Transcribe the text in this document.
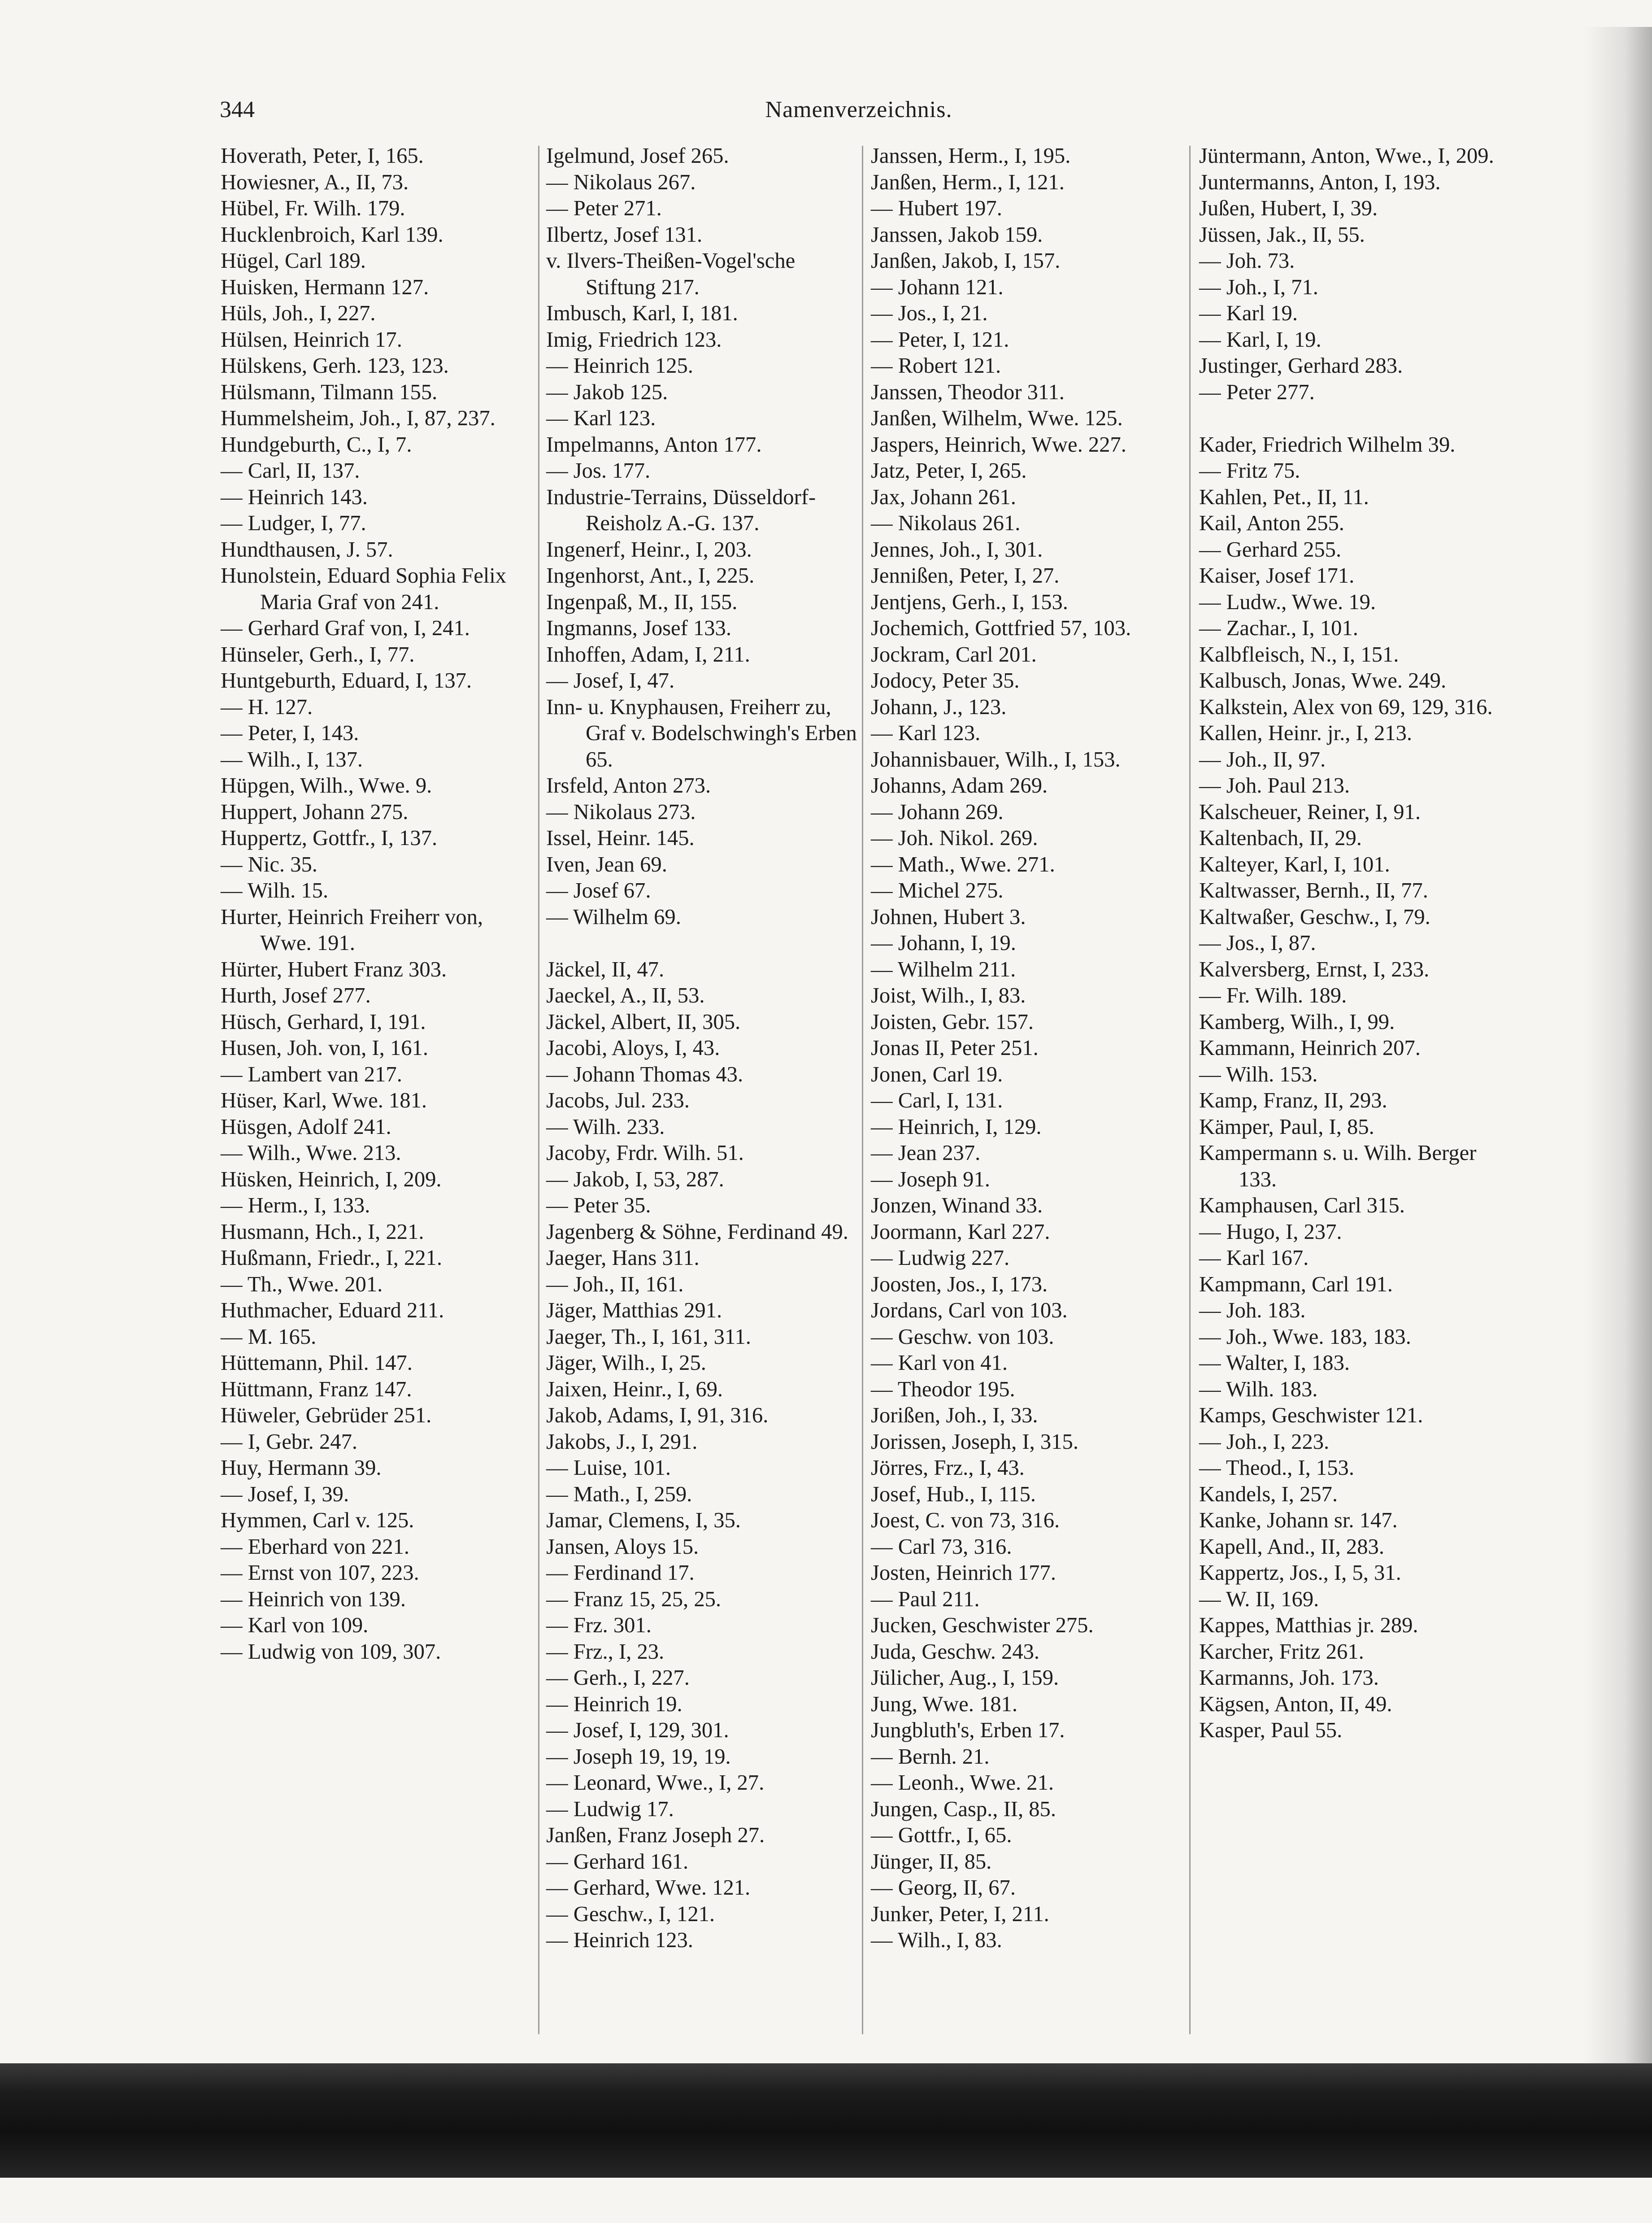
344	Namenverzeichnis.
Hoverath, Peter, I, 165.
Howiesner, A., II, 73.
Hübel, Fr. Wilh. 179.
Hucklenbroich, Karl 139.
Hügel, Carl 189.
Huisken, Hermann 127.
Hüls, Joh., I, 227.
Hülsen, Heinrich 17.
Hülskens, Gerh. 123, 123.
Hülsmann, Tilmann 155.
Hummelsheim, Joh., I, 87, 237.
Hundgeburth, C., I, 7.
— Carl, II, 137.
— Heinrich 143.
— Ludger, I, 77.
Hundthausen, J. 57.
Hunolstein, Eduard Sophia Felix Maria Graf von 241.
— Gerhard Graf von, I, 241.
Hünseler, Gerh., I, 77.
Huntgeburth, Eduard, I, 137.
— H. 127.
— Peter, I, 143.
— Wilh., I, 137.
Hüpgen, Wilh., Wwe. 9.
Huppert, Johann 275.
Huppertz, Gottfr., I, 137.
— Nic. 35.
— Wilh. 15.
Hurter, Heinrich Freiherr von, Wwe. 191.
Hürter, Hubert Franz 303.
Hurth, Josef 277.
Hüsch, Gerhard, I, 191.
Husen, Joh. von, I, 161.
— Lambert van 217.
Hüser, Karl, Wwe. 181.
Hüsgen, Adolf 241.
— Wilh., Wwe. 213.
Hüsken, Heinrich, I, 209.
— Herm., I, 133.
Husmann, Hch., I, 221.
Hußmann, Friedr., I, 221.
— Th., Wwe. 201.
Huthmacher, Eduard 211.
— M. 165.
Hüttemann, Phil. 147.
Hüttmann, Franz 147.
Hüweler, Gebrüder 251.
— I, Gebr. 247.
Huy, Hermann 39.
— Josef, I, 39.
Hymmen, Carl v. 125.
— Eberhard von 221.
— Ernst von 107, 223.
— Heinrich von 139.
— Karl von 109.
— Ludwig von 109, 307.
Igelmund, Josef 265.
— Nikolaus 267.
— Peter 271.
Ilbertz, Josef 131.
v. Ilvers-Theißen-Vogel'sche Stiftung 217.
Imbusch, Karl, I, 181.
Imig, Friedrich 123.
— Heinrich 125.
— Jakob 125.
— Karl 123.
Impelmanns, Anton 177.
— Jos. 177.
Industrie-Terrains, Düsseldorf-Reisholz A.-G. 137.
Ingenerf, Heinr., I, 203.
Ingenhorst, Ant., I, 225.
Ingenpaß, M., II, 155.
Ingmanns, Josef 133.
Inhoffen, Adam, I, 211.
— Josef, I, 47.
Inn- u. Knyphausen, Freiherr zu, Graf v. Bodelschwingh's Erben 65.
Irsfeld, Anton 273.
— Nikolaus 273.
Issel, Heinr. 145.
Iven, Jean 69.
— Josef 67.
— Wilhelm 69.
Jäckel, II, 47.
Jaeckel, A., II, 53.
Jäckel, Albert, II, 305.
Jacobi, Aloys, I, 43.
— Johann Thomas 43.
Jacobs, Jul. 233.
— Wilh. 233.
Jacoby, Frdr. Wilh. 51.
— Jakob, I, 53, 287.
— Peter 35.
Jagenberg & Söhne, Ferdinand 49.
Jaeger, Hans 311.
— Joh., II, 161.
Jäger, Matthias 291.
Jaeger, Th., I, 161, 311.
Jäger, Wilh., I, 25.
Jaixen, Heinr., I, 69.
Jakob, Adams, I, 91, 316.
Jakobs, J., I, 291.
— Luise, 101.
— Math., I, 259.
Jamar, Clemens, I, 35.
Jansen, Aloys 15.
— Ferdinand 17.
— Franz 15, 25, 25.
— Frz. 301.
— Frz., I, 23.
— Gerh., I, 227.
— Heinrich 19.
— Josef, I, 129, 301.
— Joseph 19, 19, 19.
— Leonard, Wwe., I, 27.
— Ludwig 17.
Janßen, Franz Joseph 27.
— Gerhard 161.
— Gerhard, Wwe. 121.
— Geschw., I, 121.
— Heinrich 123.
Janssen, Herm., I, 195.
Janßen, Herm., I, 121.
— Hubert 197.
Janssen, Jakob 159.
Janßen, Jakob, I, 157.
— Johann 121.
— Jos., I, 21.
— Peter, I, 121.
— Robert 121.
Janssen, Theodor 311.
Janßen, Wilhelm, Wwe. 125.
Jaspers, Heinrich, Wwe. 227.
Jatz, Peter, I, 265.
Jax, Johann 261.
— Nikolaus 261.
Jennes, Joh., I, 301.
Jennißen, Peter, I, 27.
Jentjens, Gerh., I, 153.
Jochemich, Gottfried 57, 103.
Jockram, Carl 201.
Jodocy, Peter 35.
Johann, J., 123.
— Karl 123.
Johannisbauer, Wilh., I, 153.
Johanns, Adam 269.
— Johann 269.
— Joh. Nikol. 269.
— Math., Wwe. 271.
— Michel 275.
Johnen, Hubert 3.
— Johann, I, 19.
— Wilhelm 211.
Joist, Wilh., I, 83.
Joisten, Gebr. 157.
Jonas II, Peter 251.
Jonen, Carl 19.
— Carl, I, 131.
— Heinrich, I, 129.
— Jean 237.
— Joseph 91.
Jonzen, Winand 33.
Joormann, Karl 227.
— Ludwig 227.
Joosten, Jos., I, 173.
Jordans, Carl von 103.
— Geschw. von 103.
— Karl von 41.
— Theodor 195.
Jorißen, Joh., I, 33.
Jorissen, Joseph, I, 315.
Jörres, Frz., I, 43.
Josef, Hub., I, 115.
Joest, C. von 73, 316.
— Carl 73, 316.
Josten, Heinrich 177.
— Paul 211.
Jucken, Geschwister 275.
Juda, Geschw. 243.
Jülicher, Aug., I, 159.
Jung, Wwe. 181.
Jungbluth's, Erben 17.
— Bernh. 21.
— Leonh., Wwe. 21.
Jungen, Casp., II, 85.
— Gottfr., I, 65.
Jünger, II, 85.
— Georg, II, 67.
Junker, Peter, I, 211.
— Wilh., I, 83.
Jüntermann, Anton, Wwe., I, 209.
Juntermanns, Anton, I, 193.
Jußen, Hubert, I, 39.
Jüssen, Jak., II, 55.
— Joh. 73.
— Joh., I, 71.
— Karl 19.
— Karl, I, 19.
Justinger, Gerhard 283.
— Peter 277.
Kader, Friedrich Wilhelm 39.
— Fritz 75.
Kahlen, Pet., II, 11.
Kail, Anton 255.
— Gerhard 255.
Kaiser, Josef 171.
— Ludw., Wwe. 19.
— Zachar., I, 101.
Kalbfleisch, N., I, 151.
Kalbusch, Jonas, Wwe. 249.
Kalkstein, Alex von 69, 129, 316.
Kallen, Heinr. jr., I, 213.
— Joh., II, 97.
— Joh. Paul 213.
Kalscheuer, Reiner, I, 91.
Kaltenbach, II, 29.
Kalteyer, Karl, I, 101.
Kaltwasser, Bernh., II, 77.
Kaltwaßer, Geschw., I, 79.
— Jos., I, 87.
Kalversberg, Ernst, I, 233.
— Fr. Wilh. 189.
Kamberg, Wilh., I, 99.
Kammann, Heinrich 207.
— Wilh. 153.
Kamp, Franz, II, 293.
Kämper, Paul, I, 85.
Kampermann s. u. Wilh. Berger 133.
Kamphausen, Carl 315.
— Hugo, I, 237.
— Karl 167.
Kampmann, Carl 191.
— Joh. 183.
— Joh., Wwe. 183, 183.
— Walter, I, 183.
— Wilh. 183.
Kamps, Geschwister 121.
— Joh., I, 223.
— Theod., I, 153.
Kandels, I, 257.
Kanke, Johann sr. 147.
Kapell, And., II, 283.
Kappertz, Jos., I, 5, 31.
— W. II, 169.
Kappes, Matthias jr. 289.
Karcher, Fritz 261.
Karmanns, Joh. 173.
Kägsen, Anton, II, 49.
Kasper, Paul 55.
